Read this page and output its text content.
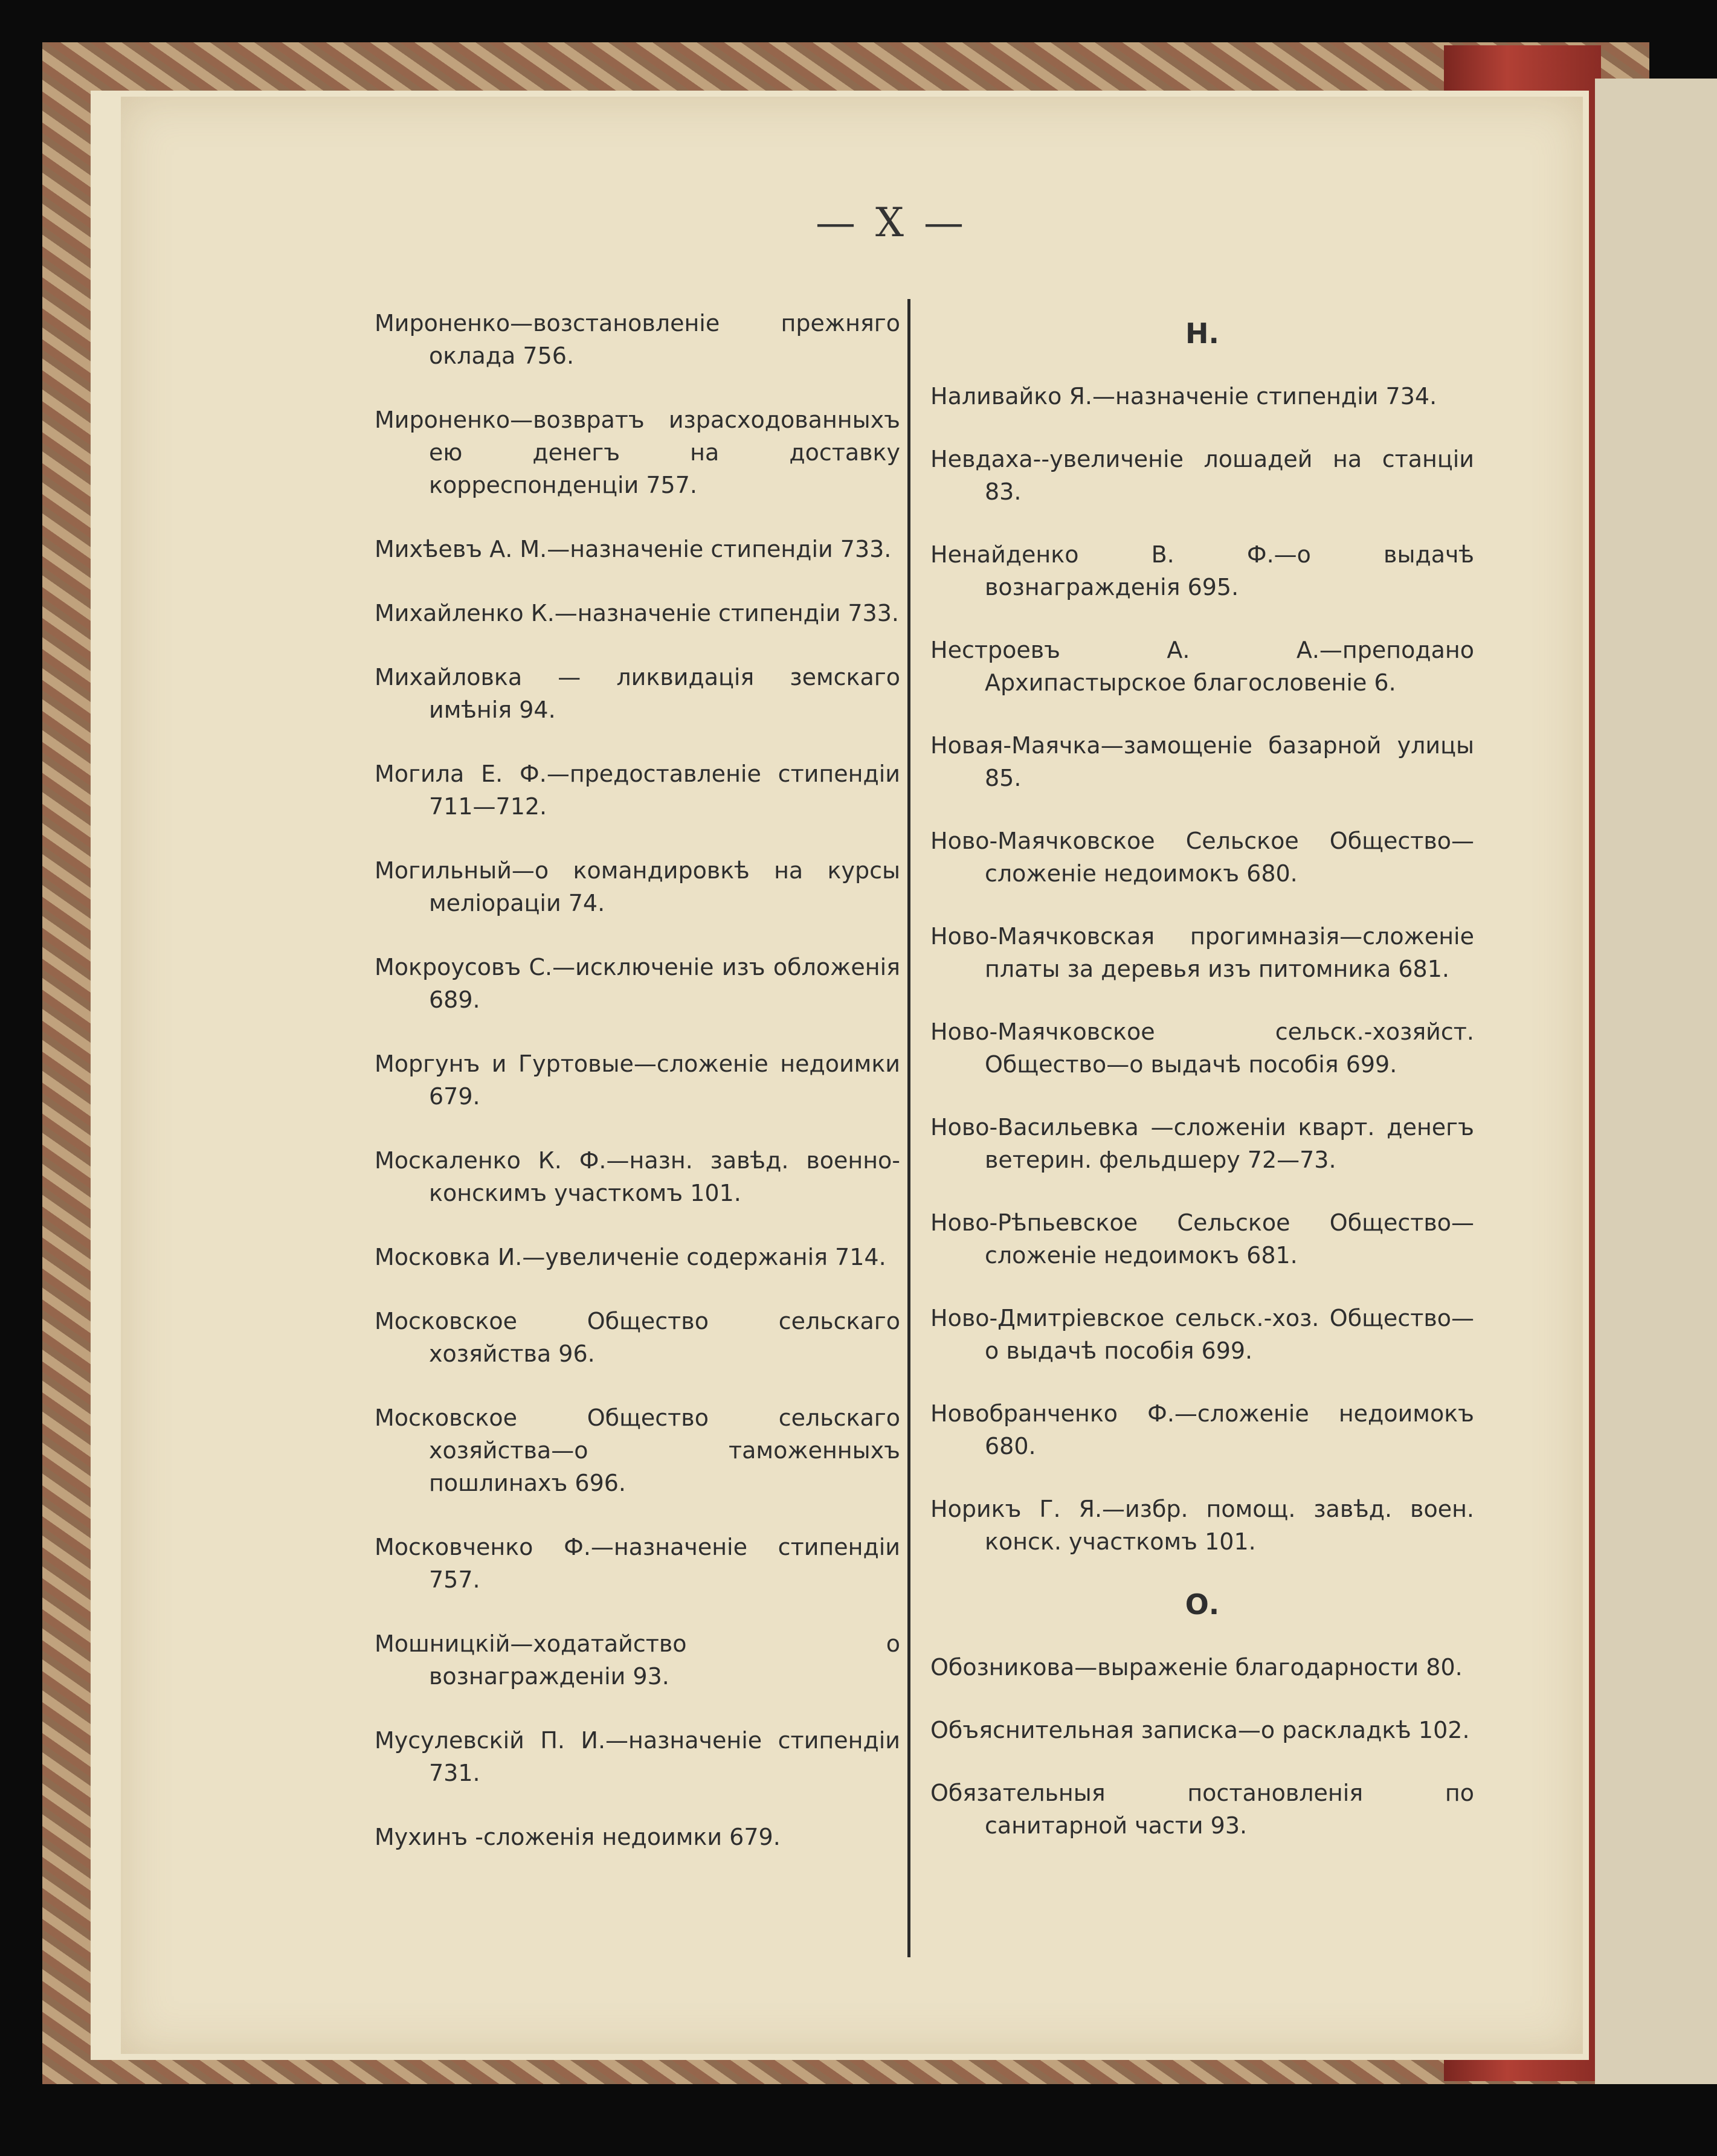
— X —

Мироненко—возстановленіе прежняго оклада 756.

Мироненко—возвратъ израсходованныхъ ею денегъ на доставку корреспонденціи 757.

Михѣевъ А. М.—назначеніе стипендіи 733.

Михайленко К.—назначеніе стипендіи 733.

Михайловка — ликвидація земскаго имѣнія 94.

Могила Е. Ф.—предоставленіе стипендіи 711—712.

Могильный—о командировкѣ на курсы мелiорацiи 74.

Мокроусовъ С.—исключеніе изъ обложенія 689.

Моргунъ и Гуртовые—сложеніе недоимки 679.

Москаленко К. Ф.—назн. завѣд. военно-конскимъ участкомъ 101.

Московка И.—увеличеніе содержанія 714.

Московское Общество сельскаго хозяйства 96.

Московское Общество сельскаго хозяйства—о таможенныхъ пошлинахъ 696.

Московченко Ф.—назначеніе стипендіи 757.

Мошницкій—ходатайство о вознагражденіи 93.

Мусулевскій П. И.—назначеніе стипендіи 731.

Мухинъ -сложенія недоимки 679.

Н.

Наливайко Я.—назначеніе стипендіи 734.

Невдаха--увеличеніе лошадей на станціи 83.

Ненайденко В. Ф.—о выдачѣ вознагражденія 695.

Нестроевъ А. А.—преподано Архипастырское благословеніе 6.

Новая-Маячка—замощеніе базарной улицы 85.

Ново-Маячковское Сельское Общество—сложеніе недоимокъ 680.

Ново-Маячковская прогимназія—сложеніе платы за деревья изъ питомника 681.

Ново-Маячковское сельск.-хозяйст. Общество—о выдачѣ пособія 699.

Ново-Васильевка —сложеніи кварт. денегъ ветерин. фельдшеру 72—73.

Ново-Рѣпьевское Сельское Общество—сложеніе недоимокъ 681.

Ново-Дмитріевское сельск.-хоз. Общество—о выдачѣ пособія 699.

Новобранченко Ф.—сложеніе недоимокъ 680.

Норикъ Г. Я.—избр. помощ. завѣд. воен. конск. участкомъ 101.

О.

Обозникова—выраженіе благодарности 80.

Объяснительная записка—о раскладкѣ 102.

Обязательныя постановленія по санитарной части 93.
